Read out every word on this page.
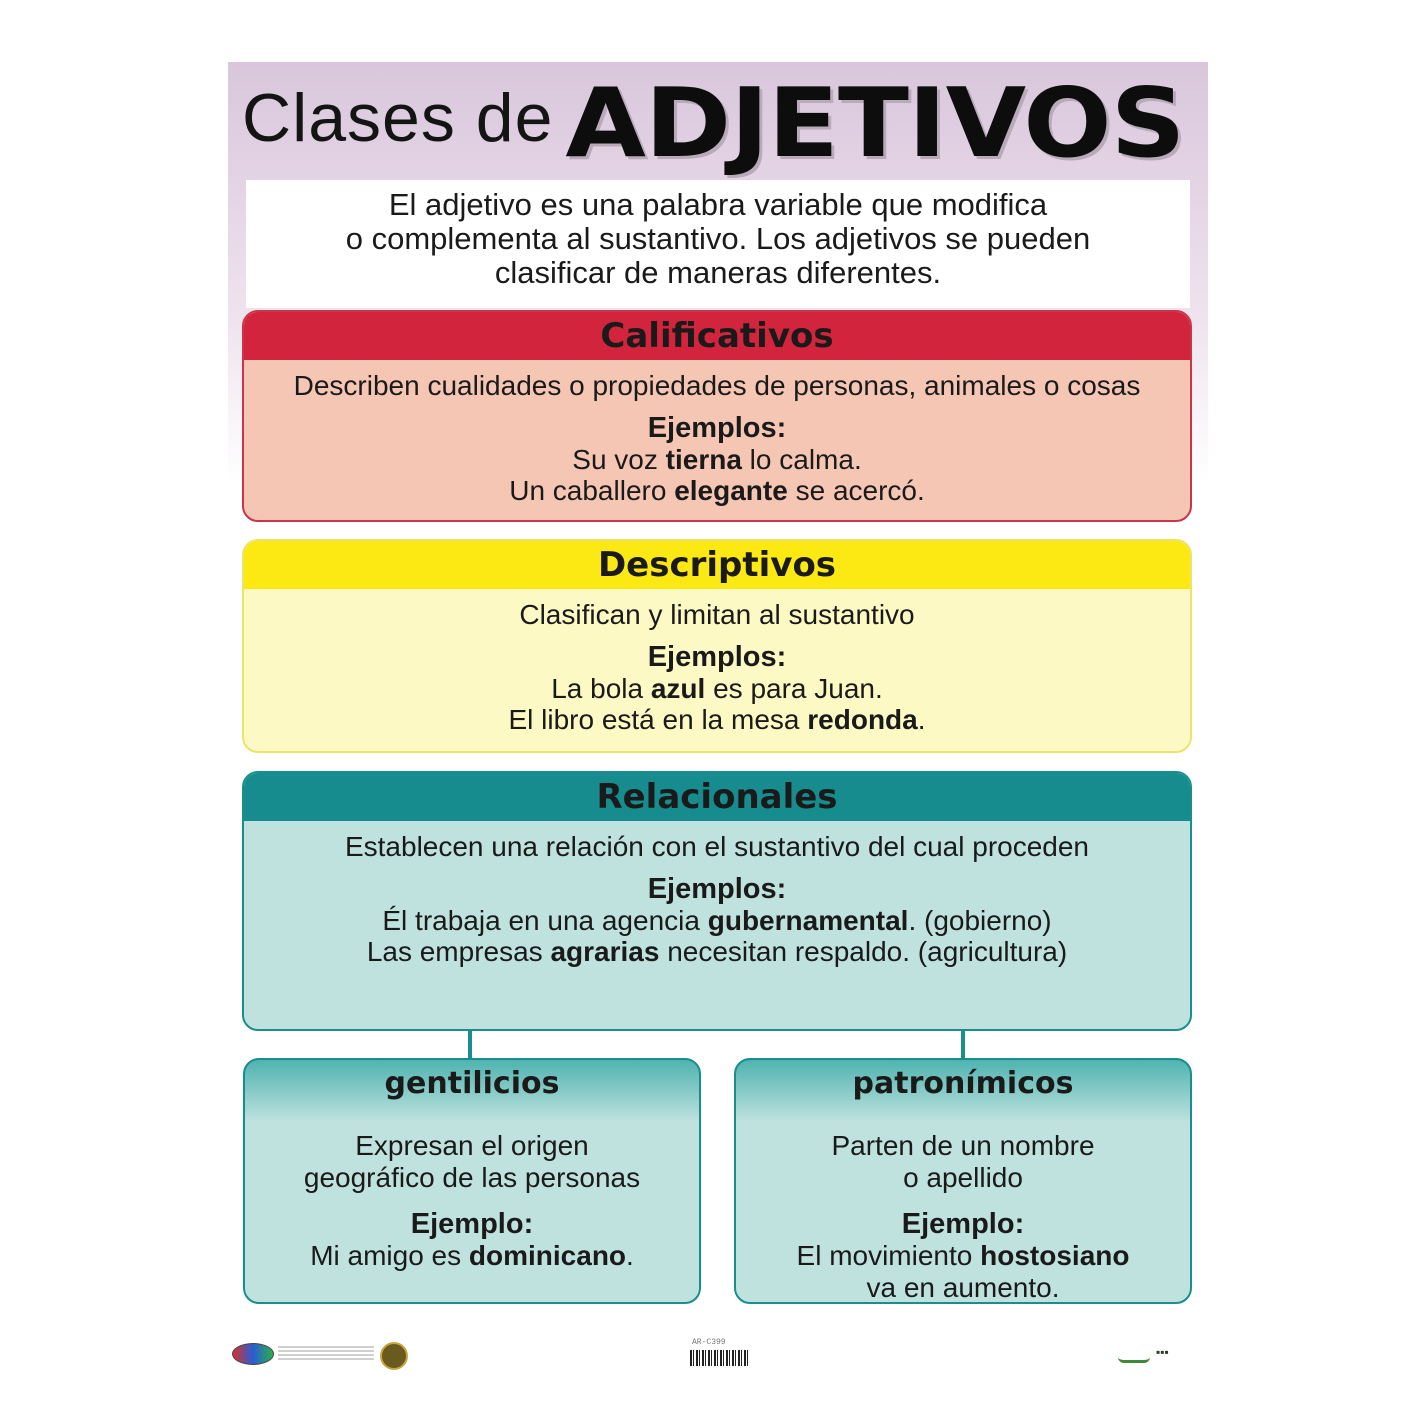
Clases de ADJETIVOS
El adjetivo es una palabra variable que modifica
o complementa al sustantivo. Los adjetivos se pueden
clasificar de maneras diferentes.
Calificativos
Describen cualidades o propiedades de personas, animales o cosas
Ejemplos:
Su voz tierna lo calma.
Un caballero elegante se acercó.
Descriptivos
Clasifican y limitan al sustantivo
Ejemplos:
La bola azul es para Juan.
El libro está en la mesa redonda.
Relacionales
Establecen una relación con el sustantivo del cual proceden
Ejemplos:
Él trabaja en una agencia gubernamental. (gobierno)
Las empresas agrarias necesitan respaldo. (agricultura)
gentilicios
Expresan el origen
geográfico de las personas
Ejemplo:
Mi amigo es dominicano.
patronímicos
Parten de un nombre
o apellido
Ejemplo:
El movimiento hostosiano
va en aumento.
AR-C399
▪▪▪
